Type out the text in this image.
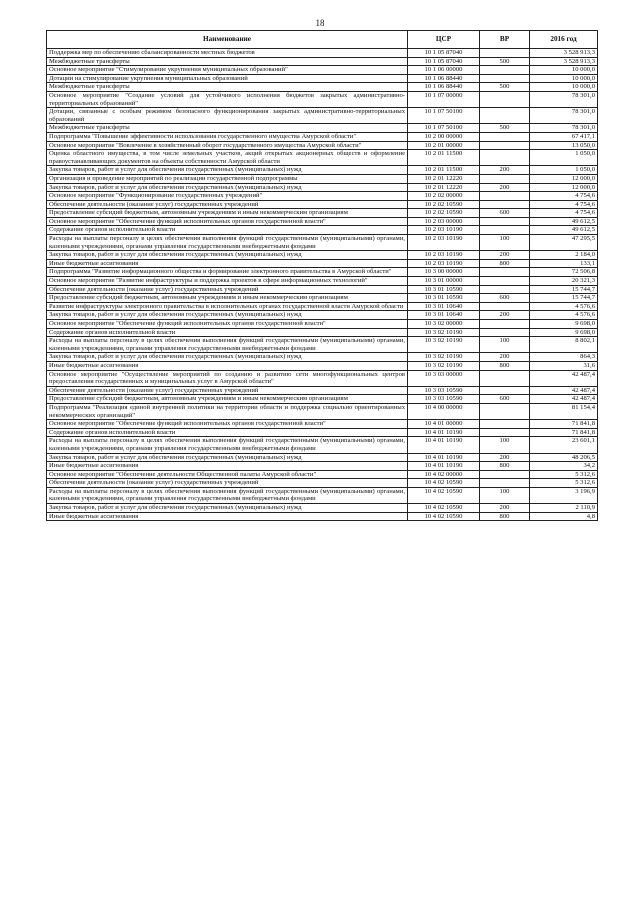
18
Наименование	ЦСР	ВР	2016 год
Поддержка мер по обеспечению сбалансированности местных бюджетов	10 1 05 87040		3 528 913,3
Межбюджетные трансферты	10 1 05 87040	500	3 528 913,3
Основное мероприятие "Стимулирование укрупнения муниципальных образований"	10 1 06 00000		10 000,0
Дотации на стимулирование укрупнения муниципальных образований	10 1 06 88440		10 000,0
Межбюджетные трансферты	10 1 06 88440	500	10 000,0
Основное мероприятие "Создание условий для устойчивого исполнения бюджетов закрытых административно-территориальных образований"	10 1 07 00000		78 301,0
Дотации, связанные с особым режимом безопасного функционирования закрытых административно-территориальных образований	10 1 07 50100		78 301,0
Межбюджетные трансферты	10 1 07 50100	500	78 301,0
Подпрограмма "Повышение эффективности использования государственного имущества Амурской области"	10 2 00 00000		67 417,1
Основное мероприятие "Вовлечение в хозяйственный оборот государственного имущества Амурской области"	10 2 01 00000		13 050,0
Оценка областного имущества, в том числе земельных участков, акций открытых акционерных обществ и оформление правоустанавливающих документов на объекты собственности Амурской области	10 2 01 11500		1 050,0
Закупка товаров, работ и услуг для обеспечения государственных (муниципальных) нужд	10 2 01 11500	200	1 050,0
Организация и проведение мероприятий по реализации государственной подпрограммы	10 2 01 12220		12 000,0
Закупка товаров, работ и услуг для обеспечения государственных (муниципальных) нужд	10 2 01 12220	200	12 000,0
Основное мероприятие "Функционирование государственных учреждений"	10 2 02 00000		4 754,6
Обеспечение деятельности (оказание услуг) государственных учреждений	10 2 02 10590		4 754,6
Предоставление субсидий бюджетным, автономным учреждениям и иным некоммерческим организациям	10 2 02 10590	600	4 754,6
Основное мероприятие "Обеспечение функций исполнительных органов государственной власти"	10 2 03 00000		49 612,5
Содержание органов исполнительной власти	10 2 03 10190		49 612,5
Расходы на выплаты персоналу в целях обеспечения выполнения функций государственными (муниципальными) органами, казенными учреждениями, органами управления государственными внебюджетными фондами	10 2 03 10190	100	47 295,5
Закупка товаров, работ и услуг для обеспечения государственных (муниципальных) нужд	10 2 03 10190	200	2 184,0
Иные бюджетные ассигнования	10 2 03 10190	800	133,1
Подпрограмма "Развитие информационного общества и формирование электронного правительства в Амурской области"	10 3 00 00000		72 506,8
Основное мероприятие "Развитие инфраструктуры и поддержка проектов в сфере информационных технологий"	10 3 01 00000		20 321,3
Обеспечение деятельности (оказание услуг) государственных учреждений	10 3 01 10590		15 744,7
Предоставление субсидий бюджетным, автономным учреждениям и иным некоммерческим организациям	10 3 01 10590	600	15 744,7
Развитие инфраструктуры электронного правительства в исполнительных органах государственной власти Амурской области	10 3 01 10640		4 576,6
Закупка товаров, работ и услуг для обеспечения государственных (муниципальных) нужд	10 3 01 10640	200	4 576,6
Основное мероприятие "Обеспечение функций исполнительных органов государственной власти"	10 3 02 00000		9 698,0
Содержание органов исполнительной власти	10 3 02 10190		9 698,0
Расходы на выплаты персоналу в целях обеспечения выполнения функций государственными (муниципальными) органами, казенными учреждениями, органами управления государственными внебюджетными фондами	10 3 02 10190	100	8 802,1
Закупка товаров, работ и услуг для обеспечения государственных (муниципальных) нужд	10 3 02 10190	200	864,3
Иные бюджетные ассигнования	10 3 02 10190	800	31,6
Основное мероприятие "Осуществление мероприятий по созданию и развитию сети многофункциональных центров предоставления государственных и муниципальных услуг в Амурской области"	10 3 03 00000		42 487,4
Обеспечение деятельности (оказание услуг) государственных учреждений	10 3 03 10590		42 487,4
Предоставление субсидий бюджетным, автономным учреждениям и иным некоммерческим организациям	10 3 03 10590	600	42 487,4
Подпрограмма "Реализация единой внутренней политики на территории области и поддержка социально ориентированных некоммерческих организаций"	10 4 00 00000		81 154,4
Основное мероприятие "Обеспечение функций исполнительных органов государственной власти"	10 4 01 00000		71 841,8
Содержание органов исполнительной власти	10 4 01 10190		71 841,8
Расходы на выплаты персоналу в целях обеспечения выполнения функций государственными (муниципальными) органами, казенными учреждениями, органами управления государственными внебюджетными фондами	10 4 01 10190	100	23 601,1
Закупка товаров, работ и услуг для обеспечения государственных (муниципальных) нужд	10 4 01 10190	200	48 206,5
Иные бюджетные ассигнования	10 4 01 10190	800	34,2
Основное мероприятие "Обеспечение деятельности Общественной палаты Амурской области"	10 4 02 00000		5 312,6
Обеспечение деятельности (оказание услуг) государственных учреждений	10 4 02 10590		5 312,6
Расходы на выплаты персоналу в целях обеспечения выполнения функций государственными (муниципальными) органами, казенными учреждениями, органами управления государственными внебюджетными фондами	10 4 02 10590	100	3 196,9
Закупка товаров, работ и услуг для обеспечения государственных (муниципальных) нужд	10 4 02 10590	200	2 110,9
Иные бюджетные ассигнования	10 4 02 10590	800	4,8
